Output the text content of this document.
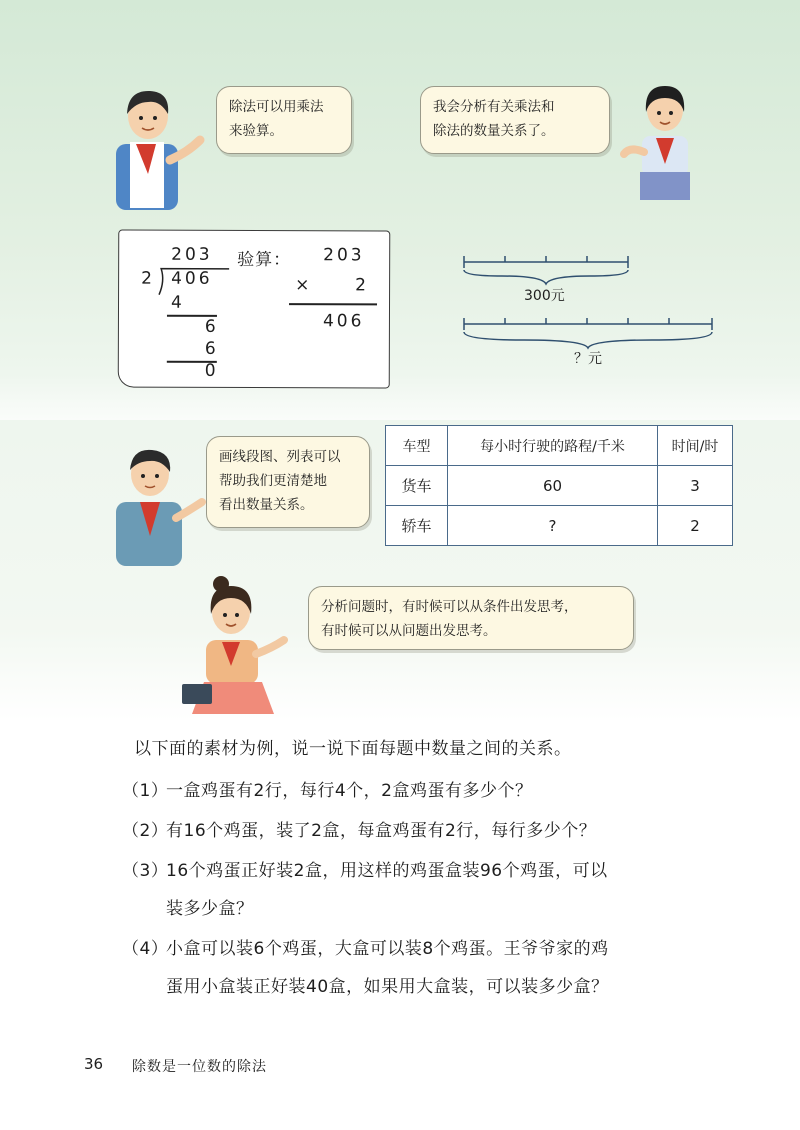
除法可以用乘法
来验算。
我会分析有关乘法和
除法的数量关系了。
203
2 406
4
6
6
0
验算： 203
×	2
406
300元
？元
画线段图、列表可以
帮助我们更清楚地
看出数量关系。
车型	每小时行驶的路程/千米	时间/时
货车	60	3
轿车	?	2
分析问题时，有时候可以从条件出发思考，
有时候可以从问题出发思考。
以下面的素材为例，说一说下面每题中数量之间的关系。
（1）一盒鸡蛋有2行，每行4个，2盒鸡蛋有多少个？
（2）有16个鸡蛋，装了2盒，每盒鸡蛋有2行，每行多少个？
（3）16个鸡蛋正好装2盒，用这样的鸡蛋盒装96个鸡蛋，可以
装多少盒？
（4）小盒可以装6个鸡蛋，大盒可以装8个鸡蛋。王爷爷家的鸡
蛋用小盒装正好装40盒，如果用大盒装，可以装多少盒？
36 除数是一位数的除法
